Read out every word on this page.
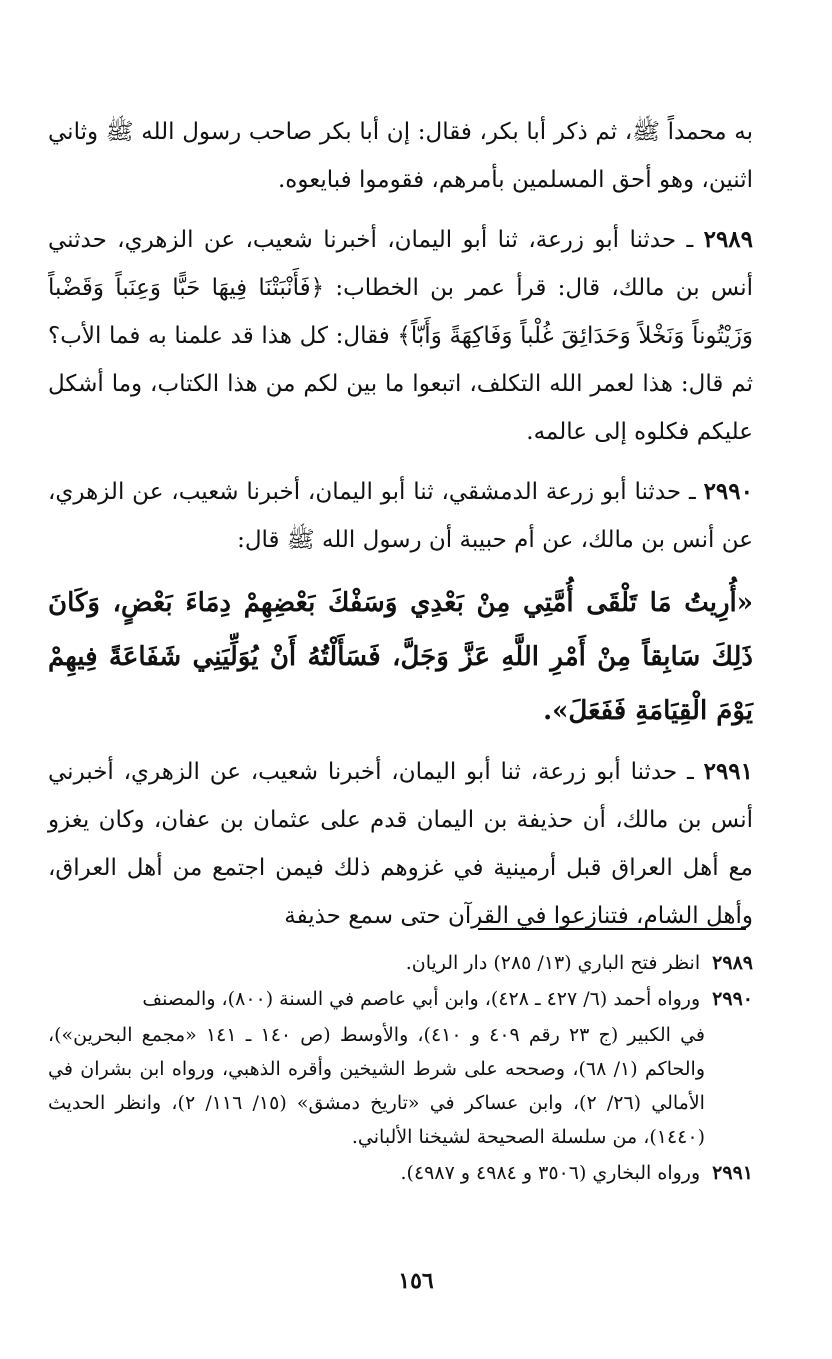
به محمداً ﷺ، ثم ذكر أبا بكر، فقال: إن أبا بكر صاحب رسول الله ﷺ وثاني اثنين، وهو أحق المسلمين بأمرهم، فقوموا فبايعوه.

٢٩٨٩ ـ حدثنا أبو زرعة، ثنا أبو اليمان، أخبرنا شعيب، عن الزهري، حدثني أنس بن مالك، قال: قرأ عمر بن الخطاب: ﴿فَأَنْبَتْنَا فِيهَا حَبًّا وَعِنَباً وَقَضْباً وَزَيْتُوناً وَنَخْلاً وَحَدَائِقَ غُلْباً وَفَاكِهَةً وَأَبّاً﴾ فقال: كل هذا قد علمنا به فما الأب؟ ثم قال: هذا لعمر الله التكلف، اتبعوا ما بين لكم من هذا الكتاب، وما أشكل عليكم فكلوه إلى عالمه.

٢٩٩٠ ـ حدثنا أبو زرعة الدمشقي، ثنا أبو اليمان، أخبرنا شعيب، عن الزهري، عن أنس بن مالك، عن أم حبيبة أن رسول الله ﷺ قال:

«أُرِيتُ مَا تَلْقَى أُمَّتِي مِنْ بَعْدِي وَسَفْكَ بَعْضِهِمْ دِمَاءَ بَعْضٍ، وَكَانَ ذَلِكَ سَابِقاً مِنْ أَمْرِ اللَّهِ عَزَّ وَجَلَّ، فَسَأَلْتُهُ أَنْ يُوَلِّيَنِي شَفَاعَةً فِيهِمْ يَوْمَ الْقِيَامَةِ فَفَعَلَ».

٢٩٩١ ـ حدثنا أبو زرعة، ثنا أبو اليمان، أخبرنا شعيب، عن الزهري، أخبرني أنس بن مالك، أن حذيفة بن اليمان قدم على عثمان بن عفان، وكان يغزو مع أهل العراق قبل أرمينية في غزوهم ذلك فيمن اجتمع من أهل العراق، وأهل الشام، فتنازعوا في القرآن حتى سمع حذيفة

٢٩٨٩ انظر فتح الباري (١٣/ ٢٨٥) دار الريان.

٢٩٩٠ ورواه أحمد (٦/ ٤٢٧ ـ ٤٢٨)، وابن أبي عاصم في السنة (٨٠٠)، والمصنف

في الكبير (ج ٢٣ رقم ٤٠٩ و ٤١٠)، والأوسط (ص ١٤٠ ـ ١٤١ «مجمع البحرين»)، والحاكم (١/ ٦٨)، وصححه على شرط الشيخين وأقره الذهبي، ورواه ابن بشران في الأمالي (٢٦/ ٢)، وابن عساكر في «تاريخ دمشق» (١٥/ ١١٦/ ٢)، وانظر الحديث (١٤٤٠)، من سلسلة الصحيحة لشيخنا الألباني.

٢٩٩١ ورواه البخاري (٣٥٠٦ و ٤٩٨٤ و ٤٩٨٧).

١٥٦
